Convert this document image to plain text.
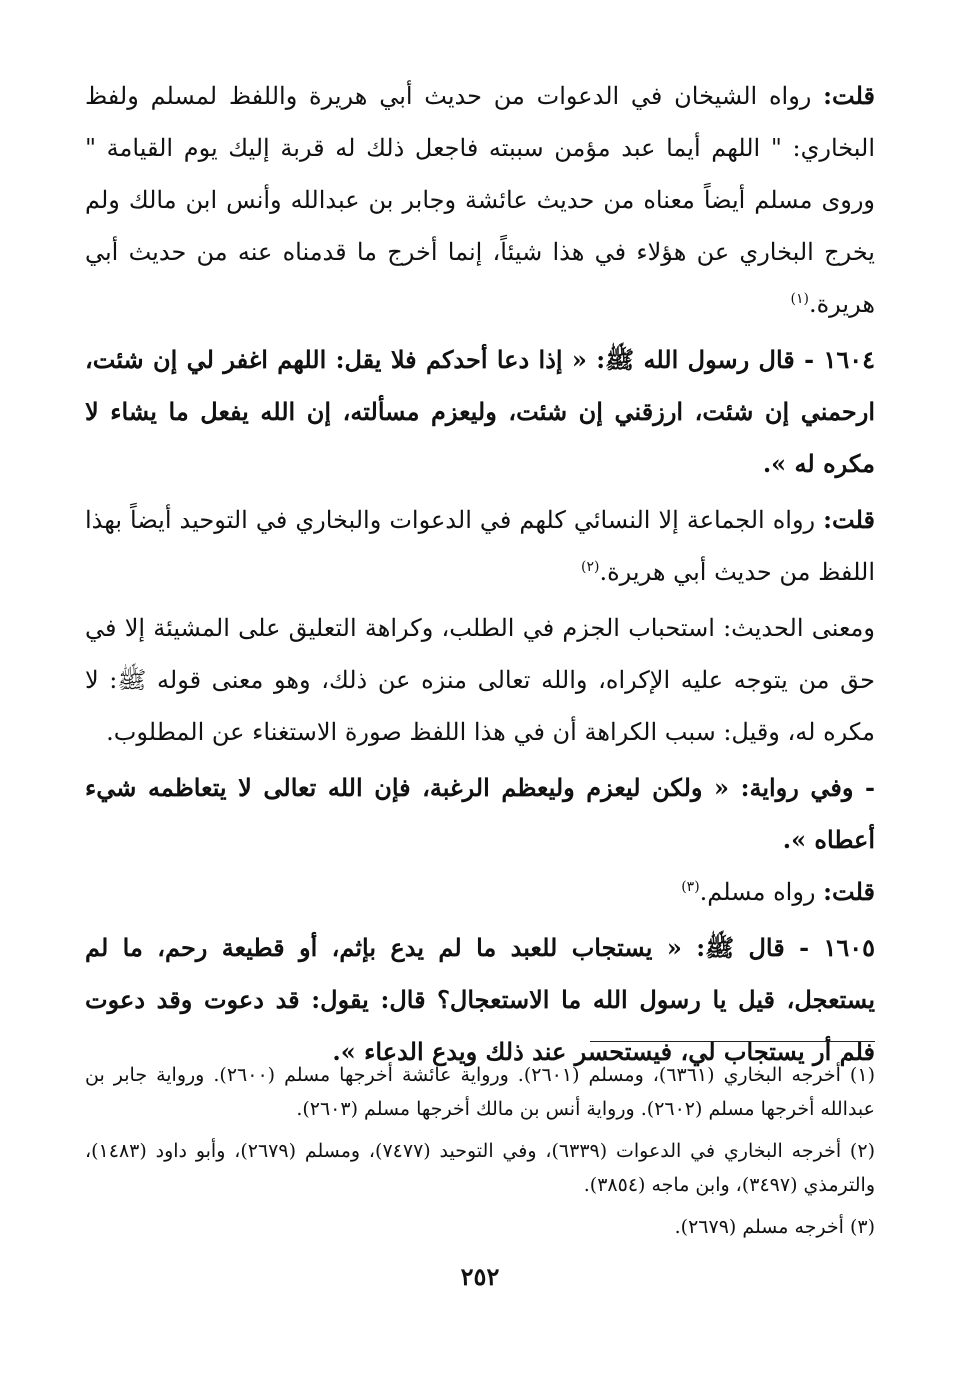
قلت: رواه الشيخان في الدعوات من حديث أبي هريرة واللفظ لمسلم ولفظ البخاري: " اللهم أيما عبد مؤمن سببته فاجعل ذلك له قربة إليك يوم القيامة " وروى مسلم أيضاً معناه من حديث عائشة وجابر بن عبدالله وأنس ابن مالك ولم يخرج البخاري عن هؤلاء في هذا شيئاً، إنما أخرج ما قدمناه عنه من حديث أبي هريرة.$^{(١)}$

١٦٠٤ - قال رسول الله ﷺ: « إذا دعا أحدكم فلا يقل: اللهم اغفر لي إن شئت، ارحمني إن شئت، ارزقني إن شئت، وليعزم مسألته، إن الله يفعل ما يشاء لا مكره له ».

قلت: رواه الجماعة إلا النسائي كلهم في الدعوات والبخاري في التوحيد أيضاً بهذا اللفظ من حديث أبي هريرة.$^{(٢)}$

ومعنى الحديث: استحباب الجزم في الطلب، وكراهة التعليق على المشيئة إلا في حق من يتوجه عليه الإكراه، والله تعالى منزه عن ذلك، وهو معنى قوله ﷺ: لا مكره له، وقيل: سبب الكراهة أن في هذا اللفظ صورة الاستغناء عن المطلوب.

- وفي رواية: « ولكن ليعزم وليعظم الرغبة، فإن الله تعالى لا يتعاظمه شيء أعطاه ».

قلت: رواه مسلم.$^{(٣)}$

١٦٠٥ - قال ﷺ: « يستجاب للعبد ما لم يدع بإثم، أو قطيعة رحم، ما لم يستعجل، قيل يا رسول الله ما الاستعجال؟ قال: يقول: قد دعوت وقد دعوت فلم أر يستجاب لي، فيستحسر عند ذلك ويدع الدعاء ».

(١) أخرجه البخاري (٦٣٦١)، ومسلم (٢٦٠١). ورواية عائشة أخرجها مسلم (٢٦٠٠). ورواية جابر بن عبدالله أخرجها مسلم (٢٦٠٢). ورواية أنس بن مالك أخرجها مسلم (٢٦٠٣).

(٢) أخرجه البخاري في الدعوات (٦٣٣٩)، وفي التوحيد (٧٤٧٧)، ومسلم (٢٦٧٩)، وأبو داود (١٤٨٣)، والترمذي (٣٤٩٧)، وابن ماجه (٣٨٥٤).

(٣) أخرجه مسلم (٢٦٧٩).

٢٥٢
